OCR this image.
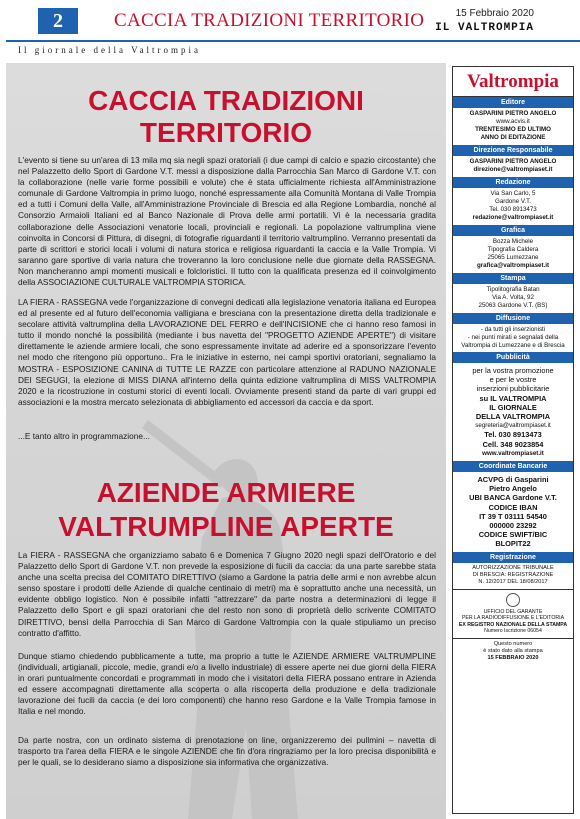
2	CACCIA TRADIZIONI TERRITORIO	15 Febbraio 2020
IL VALTROMPIA
Il giornale della Valtrompia
CACCIA TRADIZIONI
TERRITORIO

L'evento si tiene su un'area di 13 mila mq sia negli spazi oratoriali (i due campi di calcio e spazio circostante) che nel Palazzetto dello Sport di Gardone V.T. messi a disposizione dalla Parrocchia San Marco di Gardone V.T. con la collaborazione (nelle varie forme possibili e volute) che è stata ufficialmente richiesta all'Amministrazione comunale di Gardone Valtrompia in primo luogo, nonché espressamente alla Comunità Montana di Valle Trompia ed a tutti i Comuni della Valle, all'Amministrazione Provinciale di Brescia ed alla Regione Lombardia, nonché al Consorzio Armaioli Italiani ed al Banco Nazionale di Prova delle armi portatili. Vi è la necessaria gradita collaborazione delle Associazioni venatorie locali, provinciali e regionali. La popolazione valtrumplina viene coinvolta in Concorsi di Pittura, di disegni, di fotografie riguardanti il territorio valtrumplino. Verranno presentati da parte di scrittori e storici locali i volumi di natura storica e religiosa riguardanti la caccia e la Valle Trompia. Vi saranno gare sportive di varia natura che troveranno la loro conclusione nelle due giornate della RASSEGNA. Non mancheranno ampi momenti musicali e folcloristici. Il tutto con la qualificata presenza ed il coinvolgimento della ASSOCIAZIONE CULTURALE VALTROMPIA STORICA.

LA FIERA - RASSEGNA vede l'organizzazione di convegni dedicati alla legislazione venatoria italiana ed Europea ed al presente ed al futuro dell'economia valligiana e bresciana con la presentazione diretta della tradizionale e secolare attività valtrumplina della LAVORAZIONE DEL FERRO e dell'INCISIONE che ci hanno reso famosi in tutto il mondo nonché la possibilità (mediante i bus navetta del "PROGETTO AZIENDE APERTE") di visitare direttamente le aziende armiere locali, che sono espressamente invitate ad aderire ed a sponsorizzare l'evento nel modo che ritengono più opportuno.. Fra le iniziative in esterno, nei campi sportivi oratoriani, segnaliamo la MOSTRA - ESPOSIZIONE CANINA di TUTTE LE RAZZE con particolare attenzione al RADUNO NAZIONALE DEI SEGUGI, la elezione di MISS DIANA all'interno della quinta edizione valtrumplina di MISS VALTROMPIA 2020 e la ricostruzione in costumi storici di eventi locali. Ovviamente presenti stand da parte di vari gruppi ed associazioni e la mostra mercato selezionata di abbigliamento ed accessori da caccia e da sport.

...E tanto altro in programmazione...

AZIENDE ARMIERE
VALTRUMPLINE APERTE

La FIERA - RASSEGNA che organizziamo sabato 6 e Domenica 7 Giugno 2020 negli spazi dell'Oratorio e del Palazzetto dello Sport di Gardone V.T. non prevede la esposizione di fucili da caccia: da una parte sarebbe stata anche una scelta precisa del COMITATO DIRETTIVO (siamo a Gardone la patria delle armi e non avrebbe alcun senso spostare i prodotti delle Aziende di qualche centinaio di metri) ma è soprattutto anche una necessità, un evidente obbligo logistico. Non è possibile infatti "attrezzare" da parte nostra a determinazioni di legge il Palazzetto dello Sport e gli spazi oratoriani che del resto non sono di proprietà dello scrivente COMITATO DIRETTIVO, bensì della Parrocchia di San Marco di Gardone Valtrompia con la quale stipuliamo un preciso contratto d'affitto.

Dunque stiamo chiedendo pubblicamente a tutte, ma proprio a tutte le AZIENDE ARMIERE VALTRUMPLINE (individuali, artigianali, piccole, medie, grandi e/o a livello industriale) di essere aperte nei due giorni della FIERA in orari puntualmente concordati e programmati in modo che i visitatori della FIERA possano entrare in Azienda ed essere accompagnati direttamente alla scoperta o alla riscoperta della produzione e della tradizionale lavorazione dei fucili da caccia (e dei loro componenti) che hanno reso Gardone e la Valle Trompia famose in Italia e nel mondo.

Da parte nostra, con un ordinato sistema di prenotazione on line, organizzeremo dei pullmini – navetta di trasporto tra l'area della FIERA e le singole AZIENDE che fin d'ora ringraziamo per la loro precisa disponibilità e per le quali, se lo desiderano siamo a disposizione sia informativa che organizzativa.

Valtrompia
Editore
GASPARINI PIETRO ANGELO
www.acvis.it
TRENTESIMO ED ULTIMO
ANNO DI EDITAZIONE
Direzione Responsabile
GASPARINI PIETRO ANGELO
direzione@valtrompiaset.it
Redazione
Via San Carlo, 5
Gardone V.T.
Tel. 030 8913473
redazione@valtrompiaset.it
Grafica
Bozza Michele
Tipografia Caldera
25065 Lumezzane
grafica@valtrompiaset.it
Stampa
Tipolitografia Batan
Via A. Volta, 92
25063 Gardone V.T. (BS)
Diffusione
- da tutti gli inserzionisti
- nei punti mirati e segnalati della Valtrompia di Lumezzane e di Brescia
Pubblicità
per la vostra promozione
e per le vostre
inserzioni pubblicitarie
su IL VALTROMPIA
IL GIORNALE
DELLA VALTROMPIA
segreteria@valtrompiaset.it
Tel. 030 8913473
Cell. 348 9023854
www.valtrompiaset.it
Coordinate Bancarie
ACVPG di Gasparini
Pietro Angelo
UBI BANCA Gardone V.T.
CODICE IBAN
IT 39 T 03111 54540
000000 23292
CODICE SWIFT/BIC
BLOPIT22
Registrazione
AUTORIZZAZIONE TRIBUNALE
DI BRESCIA: REGISTRAZIONE
N. 12/2017 DEL 18/08/2017
UFFICIO DEL GARANTE
PER LA RADIODIFFUSIONE E L'EDITORIA
EX REGISTRO NAZIONALE DELLA STAMPA
Numero Iscrizione 06054
Questo numero
è stato dato alla stampa
15 FEBBRAIO 2020
